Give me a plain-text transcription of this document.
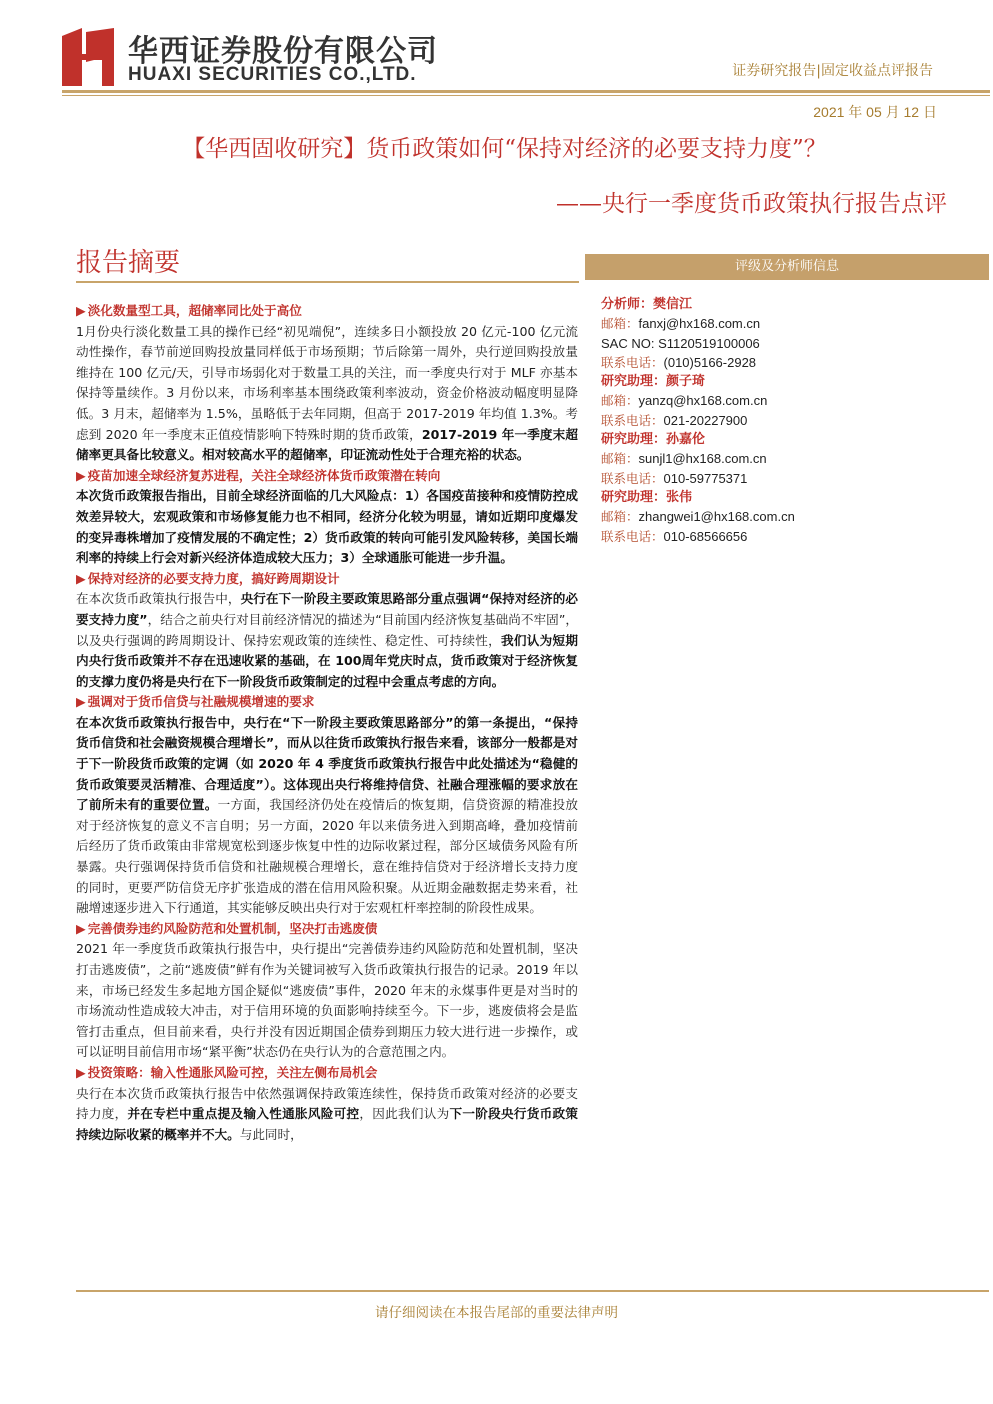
华西证券股份有限公司
HUAXI SECURITIES CO.,LTD.	证券研究报告|固定收益点评报告
2021 年 05 月 12 日
【华西固收研究】货币政策如何“保持对经济的必要支持力度”？
——央行一季度货币政策执行报告点评
报告摘要
▶ 淡化数量型工具，超储率同比处于高位
1月份央行淡化数量工具的操作已经“初见端倪”，连续多日小额投放 20 亿元-100 亿元流动性操作，春节前逆回购投放量同样低于市场预期；节后除第一周外，央行逆回购投放量维持在 100 亿元/天，引导市场弱化对于数量工具的关注，而一季度央行对于 MLF 亦基本保持等量续作。3 月份以来，市场利率基本围绕政策利率波动，资金价格波动幅度明显降低。3 月末，超储率为 1.5%，虽略低于去年同期，但高于 2017-2019 年均值 1.3%。考虑到 2020 年一季度末正值疫情影响下特殊时期的货币政策，2017-2019 年一季度末超储率更具备比较意义。相对较高水平的超储率，印证流动性处于合理充裕的状态。
▶ 疫苗加速全球经济复苏进程，关注全球经济体货币政策潜在转向
本次货币政策报告指出，目前全球经济面临的几大风险点：1）各国疫苗接种和疫情防控成效差异较大，宏观政策和市场修复能力也不相同，经济分化较为明显，请如近期印度爆发的变异毒株增加了疫情发展的不确定性；2）货币政策的转向可能引发风险转移，美国长端利率的持续上行会对新兴经济体造成较大压力；3）全球通胀可能进一步升温。
▶ 保持对经济的必要支持力度，搞好跨周期设计
在本次货币政策执行报告中，央行在下一阶段主要政策思路部分重点强调“保持对经济的必要支持力度”，结合之前央行对目前经济情况的描述为“目前国内经济恢复基础尚不牢固”，以及央行强调的跨周期设计、保持宏观政策的连续性、稳定性、可持续性，我们认为短期内央行货币政策并不存在迅速收紧的基础，在 100周年党庆时点，货币政策对于经济恢复的支撑力度仍将是央行在下一阶段货币政策制定的过程中会重点考虑的方向。
▶ 强调对于货币信贷与社融规模增速的要求
在本次货币政策执行报告中，央行在“下一阶段主要政策思路部分”的第一条提出，“保持货币信贷和社会融资规模合理增长”，而从以往货币政策执行报告来看，该部分一般都是对于下一阶段货币政策的定调（如 2020 年 4 季度货币政策执行报告中此处描述为“稳健的货币政策要灵活精准、合理适度”）。这体现出央行将维持信贷、社融合理涨幅的要求放在了前所未有的重要位置。一方面，我国经济仍处在疫情后的恢复期，信贷资源的精准投放对于经济恢复的意义不言自明；另一方面，2020 年以来债务进入到期高峰，叠加疫情前后经历了货币政策由非常规宽松到逐步恢复中性的边际收紧过程，部分区域债务风险有所暴露。央行强调保持货币信贷和社融规模合理增长，意在维持信贷对于经济增长支持力度的同时，更要严防信贷无序扩张造成的潜在信用风险积聚。从近期金融数据走势来看，社融增速逐步进入下行通道，其实能够反映出央行对于宏观杠杆率控制的阶段性成果。
▶ 完善债券违约风险防范和处置机制，坚决打击逃废债
2021 年一季度货币政策执行报告中，央行提出“完善债券违约风险防范和处置机制，坚决打击逃废债”，之前“逃废债”鲜有作为关键词被写入货币政策执行报告的记录。2019 年以来，市场已经发生多起地方国企疑似“逃废债”事件，2020 年末的永煤事件更是对当时的市场流动性造成较大冲击，对于信用环境的负面影响持续至今。下一步，逃废债将会是监管打击重点，但目前来看，央行并没有因近期国企债券到期压力较大进行进一步操作，或可以证明目前信用市场“紧平衡”状态仍在央行认为的合意范围之内。
▶ 投资策略：输入性通胀风险可控，关注左侧布局机会
央行在本次货币政策执行报告中依然强调保持政策连续性，保持货币政策对经济的必要支持力度，并在专栏中重点提及输入性通胀风险可控，因此我们认为下一阶段央行货币政策持续边际收紧的概率并不大。与此同时，
评级及分析师信息
分析师：樊信江
邮箱：fanxj@hx168.com.cn
SAC NO: S1120519100006
联系电话：(010)5166-2928
研究助理：颜子琦
邮箱：yanzq@hx168.com.cn
联系电话：021-20227900
研究助理：孙嘉伦
邮箱：sunjl1@hx168.com.cn
联系电话：010-59775371
研究助理：张伟
邮箱：zhangwei1@hx168.com.cn
联系电话：010-68566656
请仔细阅读在本报告尾部的重要法律声明
